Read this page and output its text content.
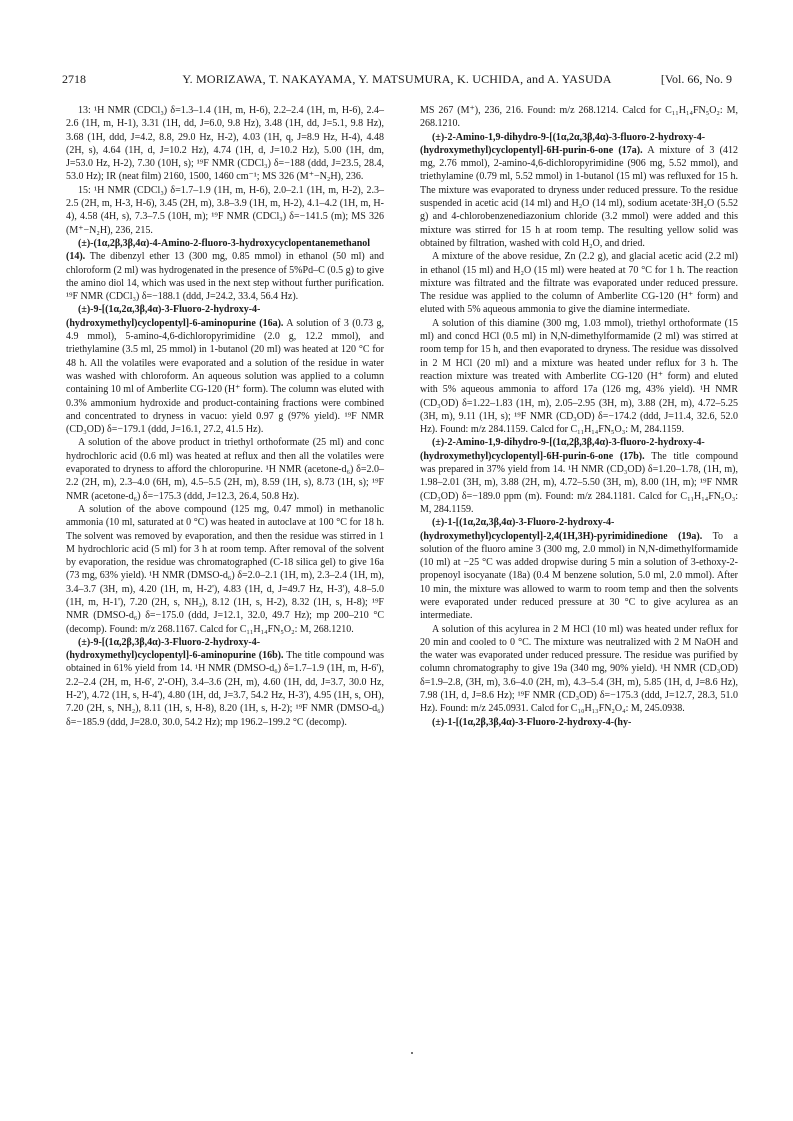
2718	Y. MORIZAWA, T. NAKAYAMA, Y. MATSUMURA, K. UCHIDA, and A. YASUDA	[Vol. 66, No. 9

13: ¹H NMR (CDCl₃) δ=1.3–1.4 (1H, m, H-6), 2.2–2.4 (1H, m, H-6), 2.4–2.6 (1H, m, H-1), 3.31 (1H, dd, J=6.0, 9.8 Hz), 3.48 (1H, dd, J=5.1, 9.8 Hz), 3.68 (1H, ddd, J=4.2, 8.8, 29.0 Hz, H-2), 4.03 (1H, q, J=8.9 Hz, H-4), 4.48 (2H, s), 4.64 (1H, d, J=10.2 Hz), 4.74 (1H, d, J=10.2 Hz), 5.00 (1H, dm, J=53.0 Hz, H-2), 7.30 (10H, s); ¹⁹F NMR (CDCl₃) δ=−188 (ddd, J=23.5, 28.4, 53.0 Hz); IR (neat film) 2160, 1500, 1460 cm⁻¹; MS 326 (M⁺−N₂H), 236.

15: ¹H NMR (CDCl₃) δ=1.7–1.9 (1H, m, H-6), 2.0–2.1 (1H, m, H-2), 2.3–2.5 (2H, m, H-3, H-6), 3.45 (2H, m), 3.8–3.9 (1H, m, H-2), 4.1–4.2 (1H, m, H-4), 4.58 (4H, s), 7.3–7.5 (10H, m); ¹⁹F NMR (CDCl₃) δ=−141.5 (m); MS 326 (M⁺−N₂H), 236, 215.

(±)-(1α,2β,3β,4α)-4-Amino-2-fluoro-3-hydroxycyclopentanemethanol (14). The dibenzyl ether 13 (300 mg, 0.85 mmol) in ethanol (50 ml) and chloroform (2 ml) was hydrogenated in the presence of 5%Pd–C (0.5 g) to give the amino diol 14, which was used in the next step without further purification. ¹⁹F NMR (CDCl₃) δ=−188.1 (ddd, J=24.2, 33.4, 56.4 Hz).

(±)-9-[(1α,2α,3β,4α)-3-Fluoro-2-hydroxy-4-(hydroxymethyl)cyclopentyl]-6-aminopurine (16a). A solution of 3 (0.73 g, 4.9 mmol), 5-amino-4,6-dichloropyrimidine (2.0 g, 12.2 mmol), and triethylamine (3.5 ml, 25 mmol) in 1-butanol (20 ml) was heated at 120 °C for 48 h. All the volatiles were evaporated and a solution of the residue in water was washed with chloroform. An aqueous solution was applied to a column containing 10 ml of Amberlite CG-120 (H⁺ form). The column was eluted with 0.3% ammonium hydroxide and product-containing fractions were combined and concentrated to dryness in vacuo: yield 0.97 g (97% yield). ¹⁹F NMR (CD₃OD) δ=−179.1 (ddd, J=16.1, 27.2, 41.5 Hz).

A solution of the above product in triethyl orthoformate (25 ml) and conc hydrochloric acid (0.6 ml) was heated at reflux and then all the volatiles were evaporated to dryness to afford the chloropurine. ¹H NMR (acetone-d₆) δ=2.0–2.2 (2H, m), 2.3–4.0 (6H, m), 4.5–5.5 (2H, m), 8.59 (1H, s), 8.73 (1H, s); ¹⁹F NMR (acetone-d₆) δ=−175.3 (ddd, J=12.3, 26.4, 50.8 Hz).

A solution of the above compound (125 mg, 0.47 mmol) in methanolic ammonia (10 ml, saturated at 0 °C) was heated in autoclave at 100 °C for 18 h. The solvent was removed by evaporation, and then the residue was stirred in 1 M hydrochloric acid (5 ml) for 3 h at room temp. After removal of the solvent by evaporation, the residue was chromatographed (C-18 silica gel) to give 16a (73 mg, 63% yield). ¹H NMR (DMSO-d₆) δ=2.0–2.1 (1H, m), 2.3–2.4 (1H, m), 3.4–3.7 (3H, m), 4.20 (1H, m, H-2'), 4.83 (1H, d, J=49.7 Hz, H-3'), 4.8–5.0 (1H, m, H-1'), 7.20 (2H, s, NH₂), 8.12 (1H, s, H-2), 8.32 (1H, s, H-8); ¹⁹F NMR (DMSO-d₆) δ=−175.0 (ddd, J=12.1, 32.0, 49.7 Hz); mp 200–210 °C (decomp). Found: m/z 268.1167. Calcd for C₁₁H₁₄FN₅O₂: M, 268.1210.

(±)-9-[(1α,2β,3β,4α)-3-Fluoro-2-hydroxy-4-(hydroxymethyl)cyclopentyl]-6-aminopurine (16b). The title compound was obtained in 61% yield from 14. ¹H NMR (DMSO-d₆) δ=1.7–1.9 (1H, m, H-6'), 2.2–2.4 (2H, m, H-6', 2'-OH), 3.4–3.6 (2H, m), 4.60 (1H, dd, J=3.7, 30.0 Hz, H-2'), 4.72 (1H, s, H-4'), 4.80 (1H, dd, J=3.7, 54.2 Hz, H-3'), 4.95 (1H, s, OH), 7.20 (2H, s, NH₂), 8.11 (1H, s, H-8), 8.20 (1H, s, H-2); ¹⁹F NMR (DMSO-d₆) δ=−185.9 (ddd, J=28.0, 30.0, 54.2 Hz); mp 196.2–199.2 °C (decomp).

MS 267 (M⁺), 236, 216. Found: m/z 268.1214. Calcd for C₁₁H₁₄FN₅O₂: M, 268.1210.

(±)-2-Amino-1,9-dihydro-9-[(1α,2α,3β,4α)-3-fluoro-2-hydroxy-4-(hydroxymethyl)cyclopentyl]-6H-purin-6-one (17a). A mixture of 3 (412 mg, 2.76 mmol), 2-amino-4,6-dichloropyrimidine (906 mg, 5.52 mmol), and triethylamine (0.79 ml, 5.52 mmol) in 1-butanol (15 ml) was refluxed for 15 h. The mixture was evaporated to dryness under reduced pressure. To the residue suspended in acetic acid (14 ml) and H₂O (14 ml), sodium acetate·3H₂O (5.52 g) and 4-chlorobenzenediazonium chloride (3.2 mmol) were added and this mixture was stirred for 15 h at room temp. The resulting yellow solid was obtained by filtration, washed with cold H₂O, and dried.

A mixture of the above residue, Zn (2.2 g), and glacial acetic acid (2.2 ml) in ethanol (15 ml) and H₂O (15 ml) were heated at 70 °C for 1 h. The reaction mixture was filtrated and the filtrate was evaporated under reduced pressure. The residue was applied to the column of Amberlite CG-120 (H⁺ form) and eluted with 5% aqueous ammonia to give the diamine intermediate.

A solution of this diamine (300 mg, 1.03 mmol), triethyl orthoformate (15 ml) and concd HCl (0.5 ml) in N,N-dimethylformamide (2 ml) was stirred at room temp for 15 h, and then evaporated to dryness. The residue was dissolved in 2 M HCl (20 ml) and a mixture was heated under reflux for 3 h. The reaction mixture was treated with Amberlite CG-120 (H⁺ form) and eluted with 5% aqueous ammonia to afford 17a (126 mg, 43% yield). ¹H NMR (CD₃OD) δ=1.22–1.83 (1H, m), 2.05–2.95 (3H, m), 3.88 (2H, m), 4.72–5.25 (3H, m), 9.11 (1H, s); ¹⁹F NMR (CD₃OD) δ=−174.2 (ddd, J=11.4, 32.6, 52.0 Hz). Found: m/z 284.1159. Calcd for C₁₁H₁₄FN₅O₃: M, 284.1159.

(±)-2-Amino-1,9-dihydro-9-[(1α,2β,3β,4α)-3-fluoro-2-hydroxy-4-(hydroxymethyl)cyclopentyl]-6H-purin-6-one (17b). The title compound was prepared in 37% yield from 14. ¹H NMR (CD₃OD) δ=1.20–1.78, (1H, m), 1.98–2.01 (3H, m), 3.88 (2H, m), 4.72–5.50 (3H, m), 8.00 (1H, m); ¹⁹F NMR (CD₃OD) δ=−189.0 ppm (m). Found: m/z 284.1181. Calcd for C₁₁H₁₄FN₅O₃: M, 284.1159.

(±)-1-[(1α,2α,3β,4α)-3-Fluoro-2-hydroxy-4-(hydroxymethyl)cyclopentyl]-2,4(1H,3H)-pyrimidinedione (19a). To a solution of the fluoro amine 3 (300 mg, 2.0 mmol) in N,N-dimethylformamide (10 ml) at −25 °C was added dropwise during 5 min a solution of 3-ethoxy-2-propenoyl isocyanate (18a) (0.4 M benzene solution, 5.0 ml, 2.0 mmol). After 10 min, the mixture was allowed to warm to room temp and then the solvents were evaporated under reduced pressure at 30 °C to give acylurea as an intermediate.

A solution of this acylurea in 2 M HCl (10 ml) was heated under reflux for 20 min and cooled to 0 °C. The mixture was neutralized with 2 M NaOH and the water was evaporated under reduced pressure. The residue was purified by column chromatography to give 19a (340 mg, 90% yield). ¹H NMR (CD₃OD) δ=1.9–2.8, (3H, m), 3.6–4.0 (2H, m), 4.3–5.4 (3H, m), 5.85 (1H, d, J=8.6 Hz), 7.98 (1H, d, J=8.6 Hz); ¹⁹F NMR (CD₃OD) δ=−175.3 (ddd, J=12.7, 28.3, 51.0 Hz). Found: m/z 245.0931. Calcd for C₁₀H₁₃FN₂O₄: M, 245.0938.

(±)-1-[(1α,2β,3β,4α)-3-Fluoro-2-hydroxy-4-(hy-
